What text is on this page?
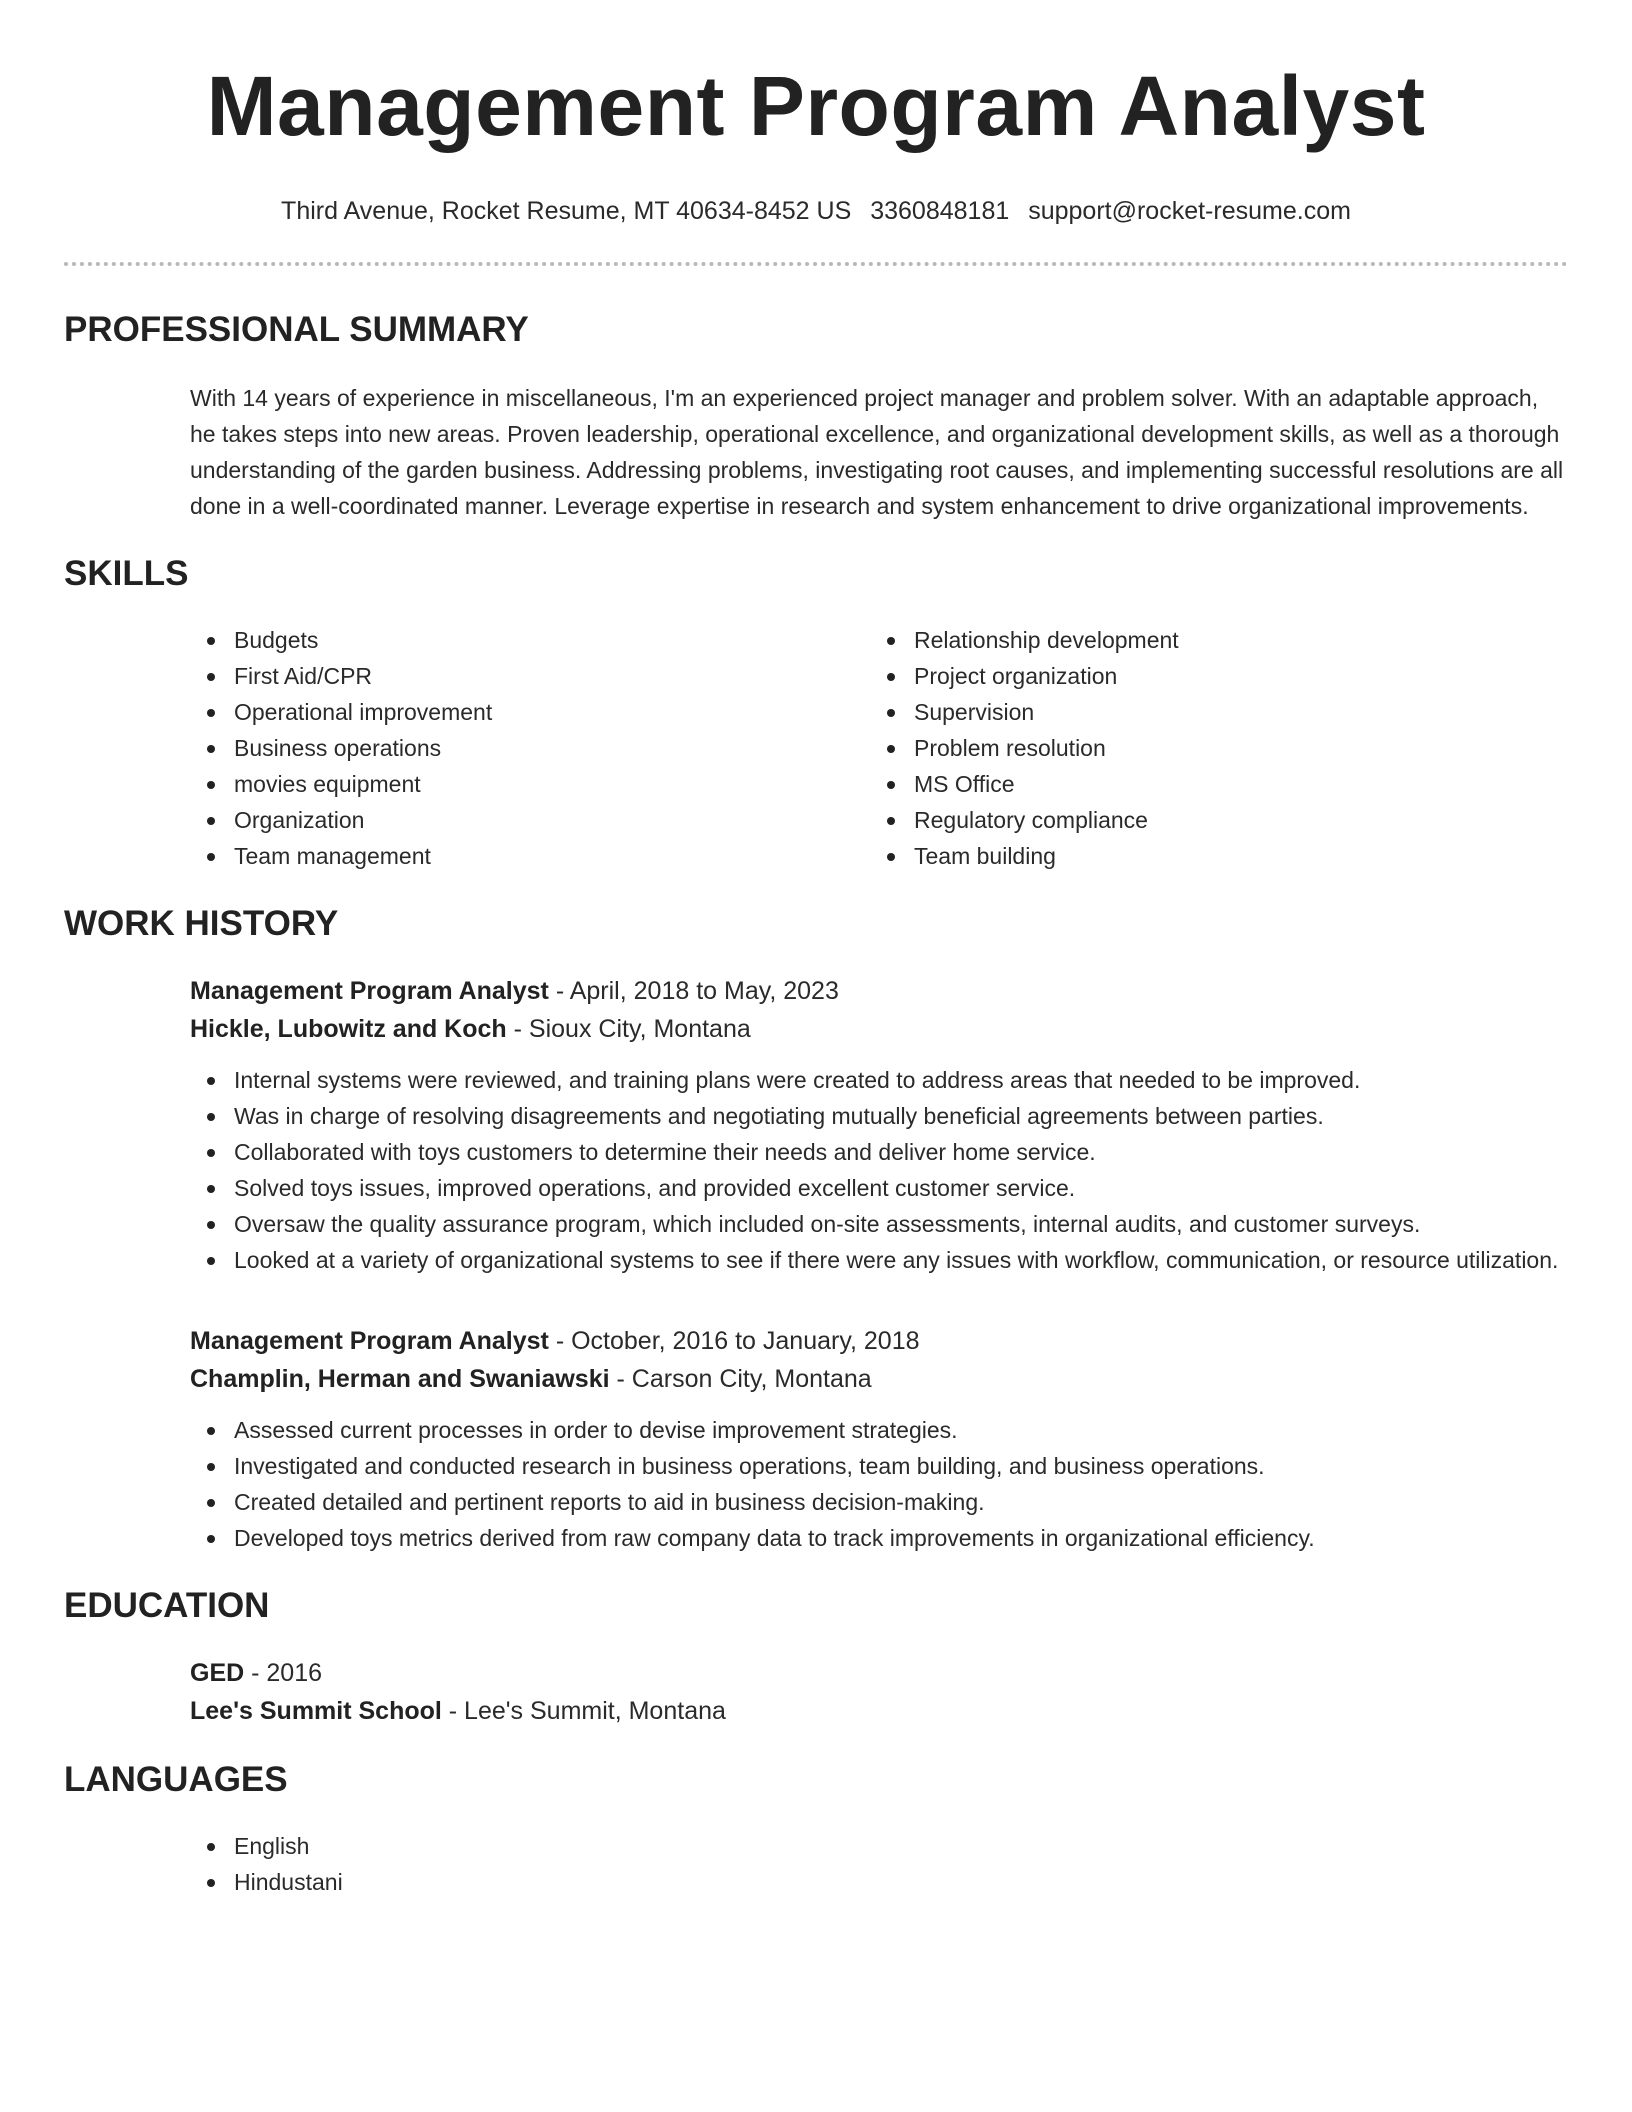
Management Program Analyst
Third Avenue, Rocket Resume, MT 40634-8452 US 3360848181 support@rocket-resume.com
PROFESSIONAL SUMMARY
With 14 years of experience in miscellaneous, I'm an experienced project manager and problem solver. With an adaptable approach, he takes steps into new areas. Proven leadership, operational excellence, and organizational development skills, as well as a thorough understanding of the garden business. Addressing problems, investigating root causes, and implementing successful resolutions are all done in a well-coordinated manner. Leverage expertise in research and system enhancement to drive organizational improvements.
SKILLS
Budgets
First Aid/CPR
Operational improvement
Business operations
movies equipment
Organization
Team management
Relationship development
Project organization
Supervision
Problem resolution
MS Office
Regulatory compliance
Team building
WORK HISTORY
Management Program Analyst - April, 2018 to May, 2023
Hickle, Lubowitz and Koch - Sioux City, Montana
Internal systems were reviewed, and training plans were created to address areas that needed to be improved.
Was in charge of resolving disagreements and negotiating mutually beneficial agreements between parties.
Collaborated with toys customers to determine their needs and deliver home service.
Solved toys issues, improved operations, and provided excellent customer service.
Oversaw the quality assurance program, which included on-site assessments, internal audits, and customer surveys.
Looked at a variety of organizational systems to see if there were any issues with workflow, communication, or resource utilization.
Management Program Analyst - October, 2016 to January, 2018
Champlin, Herman and Swaniawski - Carson City, Montana
Assessed current processes in order to devise improvement strategies.
Investigated and conducted research in business operations, team building, and business operations.
Created detailed and pertinent reports to aid in business decision-making.
Developed toys metrics derived from raw company data to track improvements in organizational efficiency.
EDUCATION
GED - 2016
Lee's Summit School - Lee's Summit, Montana
LANGUAGES
English
Hindustani
